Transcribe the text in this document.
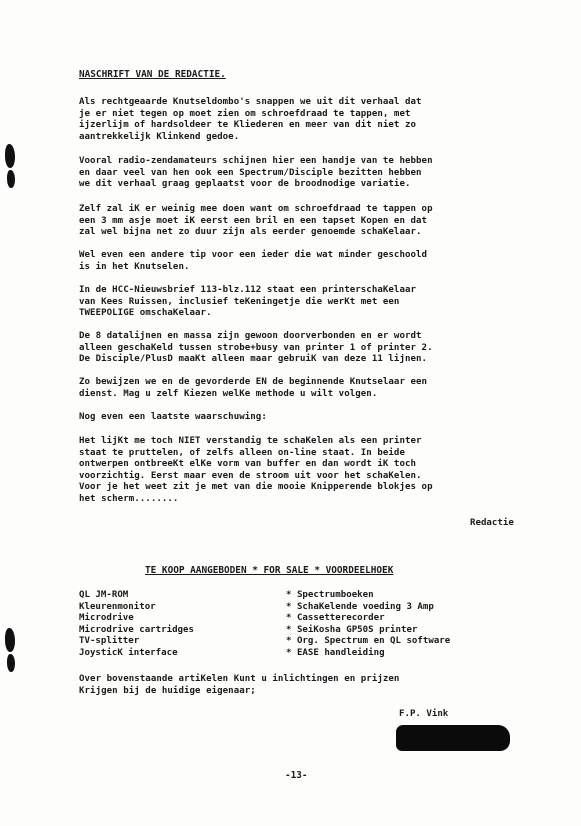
NASCHRIFT VAN DE REDACTIE.
Als rechtgeaarde Knutseldombo's snappen we uit dit verhaal dat
je er niet tegen op moet zien om schroefdraad te tappen, met
ijzerlijm of hardsoldeer te Kliederen en meer van dit niet zo
aantrekkelijk Klinkend gedoe.
Vooral radio-zendamateurs schijnen hier een handje van te hebben
en daar veel van hen ook een Spectrum/Disciple bezitten hebben
we dit verhaal graag geplaatst voor de broodnodige variatie.
Zelf zal iK er weinig mee doen want om schroefdraad te tappen op
een 3 mm asje moet iK eerst een bril en een tapset Kopen en dat
zal wel bijna net zo duur zijn als eerder genoemde schaKelaar.
Wel even een andere tip voor een ieder die wat minder geschoold
is in het Knutselen.
In de HCC-Nieuwsbrief 113-blz.112 staat een printerschaKelaar
van Kees Ruissen, inclusief teKeningetje die werKt met een
TWEEPOLIGE omschaKelaar.
De 8 datalijnen en massa zijn gewoon doorverbonden en er wordt
alleen geschaKeld tussen strobe+busy van printer 1 of printer 2.
De Disciple/PlusD maaKt alleen maar gebruiK van deze 11 lijnen.
Zo bewijzen we en de gevorderde EN de beginnende Knutselaar een
dienst. Mag u zelf Kiezen welKe methode u wilt volgen.
Nog even een laatste waarschuwing:
Het lijKt me toch NIET verstandig te schaKelen als een printer
staat te pruttelen, of zelfs alleen on-line staat. In beide
ontwerpen ontbreeKt elKe vorm van buffer en dan wordt iK toch
voorzichtig. Eerst maar even de stroom uit voor het schaKelen.
Voor je het weet zit je met van die mooie Knipperende blokjes op
het scherm........
Redactie
TE KOOP AANGEBODEN * FOR SALE * VOORDEELHOEK
QL JM-ROM
Kleurenmonitor
Microdrive
Microdrive cartridges
TV-splitter
JoysticK interface
* Spectrumboeken
* SchaKelende voeding 3 Amp
* Cassetterecorder
* SeiKosha GP50S printer
* Org. Spectrum en QL software
* EASE handleiding
Over bovenstaande artiKelen Kunt u inlichtingen en prijzen
Krijgen bij de huidige eigenaar;
F.P. Vink
-13-
